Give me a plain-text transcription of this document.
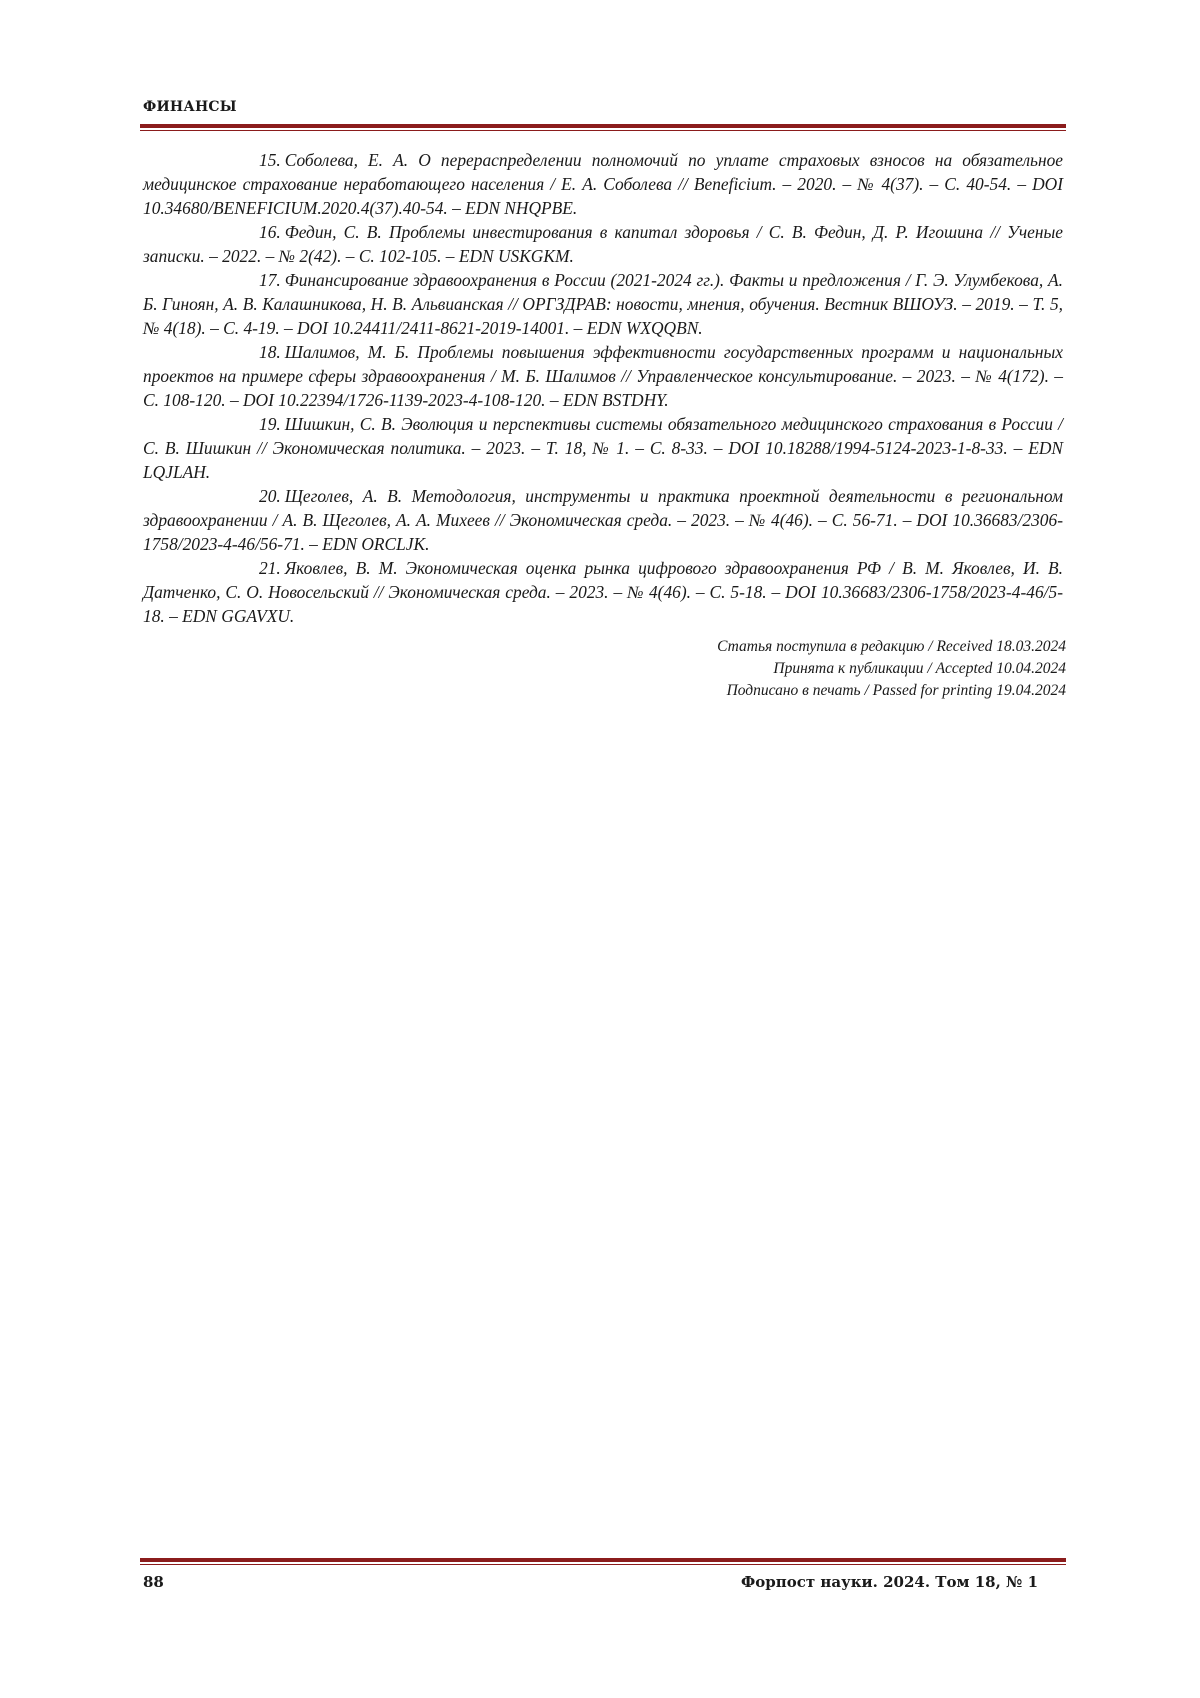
ФИНАНСЫ

15. Соболева, Е. А. О перераспределении полномочий по уплате страховых взносов на обязательное медицинское страхование неработающего населения / Е. А. Соболева // Beneficium. – 2020. – № 4(37). – С. 40-54. – DOI 10.34680/BENEFICIUM.2020.4(37).40-54. – EDN NHQPBE.

16. Федин, С. В. Проблемы инвестирования в капитал здоровья / С. В. Федин, Д. Р. Игошина // Ученые записки. – 2022. – № 2(42). – С. 102-105. – EDN USKGKM.

17. Финансирование здравоохранения в России (2021-2024 гг.). Факты и предложения / Г. Э. Улумбекова, А. Б. Гиноян, А. В. Калашникова, Н. В. Альвианская // ОРГЗДРАВ: новости, мнения, обучения. Вестник ВШОУЗ. – 2019. – Т. 5, № 4(18). – С. 4-19. – DOI 10.24411/2411-8621-2019-14001. – EDN WXQQBN.

18. Шалимов, М. Б. Проблемы повышения эффективности государственных программ и национальных проектов на примере сферы здравоохранения / М. Б. Шалимов // Управленческое консультирование. – 2023. – № 4(172). – С. 108-120. – DOI 10.22394/1726-1139-2023-4-108-120. – EDN BSTDHY.

19. Шишкин, С. В. Эволюция и перспективы системы обязательного медицинского страхования в России / С. В. Шишкин // Экономическая политика. – 2023. – Т. 18, № 1. – С. 8-33. – DOI 10.18288/1994-5124-2023-1-8-33. – EDN LQJLAH.

20. Щеголев, А. В. Методология, инструменты и практика проектной деятельности в региональном здравоохранении / А. В. Щеголев, А. А. Михеев // Экономическая среда. – 2023. – № 4(46). – С. 56-71. – DOI 10.36683/2306-1758/2023-4-46/56-71. – EDN ORCLJK.

21. Яковлев, В. М. Экономическая оценка рынка цифрового здравоохранения РФ / В. М. Яковлев, И. В. Датченко, С. О. Новосельский // Экономическая среда. – 2023. – № 4(46). – С. 5-18. – DOI 10.36683/2306-1758/2023-4-46/5-18. – EDN GGAVXU.

Статья поступила в редакцию / Received 18.03.2024
Принята к публикации / Accepted 10.04.2024
Подписано в печать / Passed for printing 19.04.2024
88	Форпост науки. 2024. Том 18, № 1
